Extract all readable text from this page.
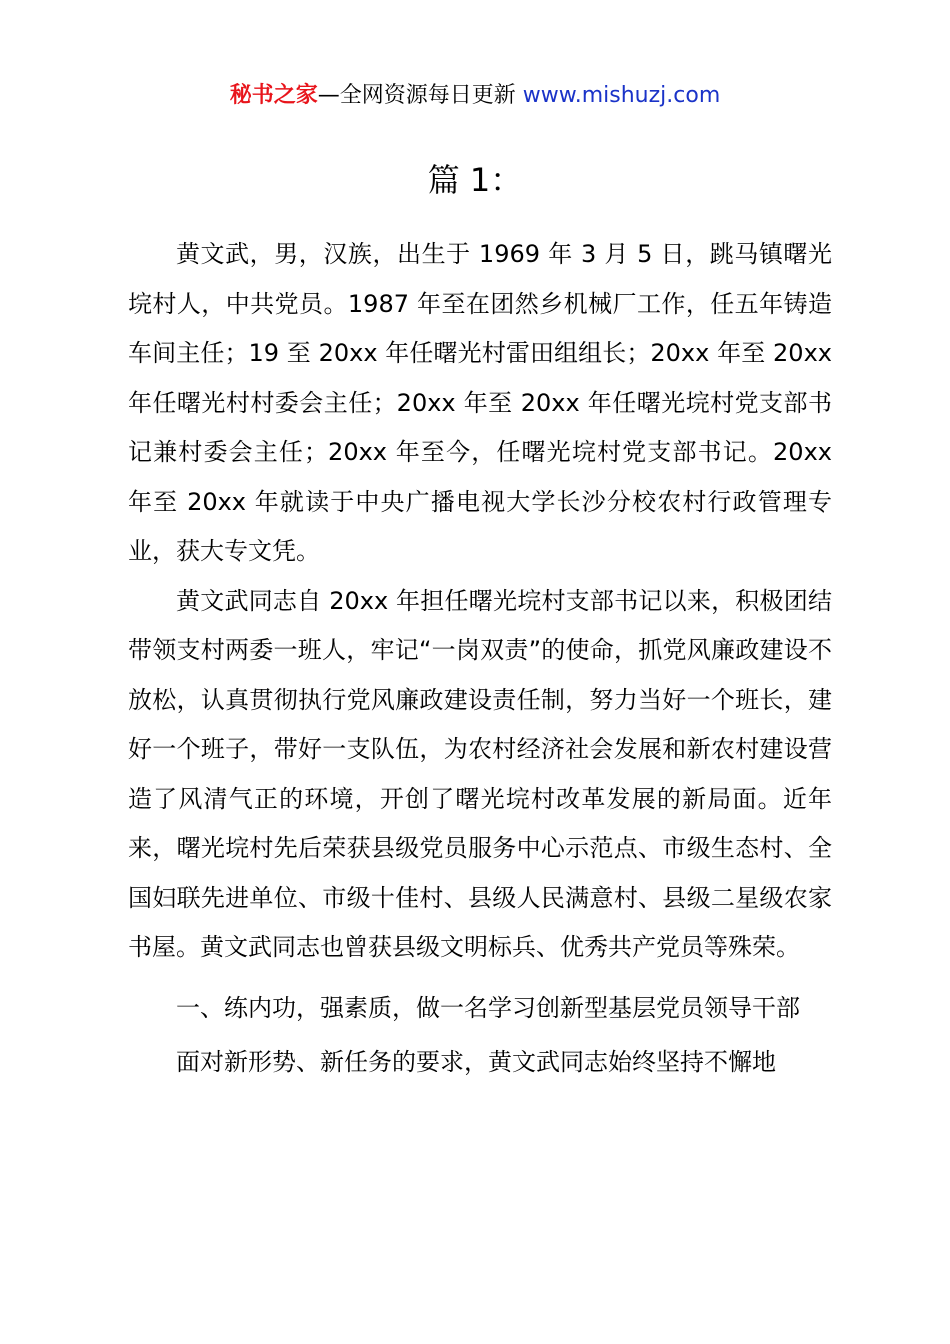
秘书之家—全网资源每日更新 www.mishuzj.com
篇 1：

黄文武，男，汉族，出生于 1969 年 3 月 5 日，跳马镇曙光垸村人，中共党员。1987 年至在团然乡机械厂工作，任五年铸造车间主任；19 至 20xx 年任曙光村雷田组组长；20xx 年至 20xx 年任曙光村村委会主任；20xx 年至 20xx 年任曙光垸村党支部书记兼村委会主任；20xx 年至今，任曙光垸村党支部书记。20xx 年至 20xx 年就读于中央广播电视大学长沙分校农村行政管理专业，获大专文凭。

黄文武同志自 20xx 年担任曙光垸村支部书记以来，积极团结带领支村两委一班人，牢记“一岗双责”的使命，抓党风廉政建设不放松，认真贯彻执行党风廉政建设责任制，努力当好一个班长，建好一个班子，带好一支队伍，为农村经济社会发展和新农村建设营造了风清气正的环境，开创了曙光垸村改革发展的新局面。近年来，曙光垸村先后荣获县级党员服务中心示范点、市级生态村、全国妇联先进单位、市级十佳村、县级人民满意村、县级二星级农家书屋。黄文武同志也曾获县级文明标兵、优秀共产党员等殊荣。

一、练内功，强素质，做一名学习创新型基层党员领导干部

面对新形势、新任务的要求，黄文武同志始终坚持不懈地
